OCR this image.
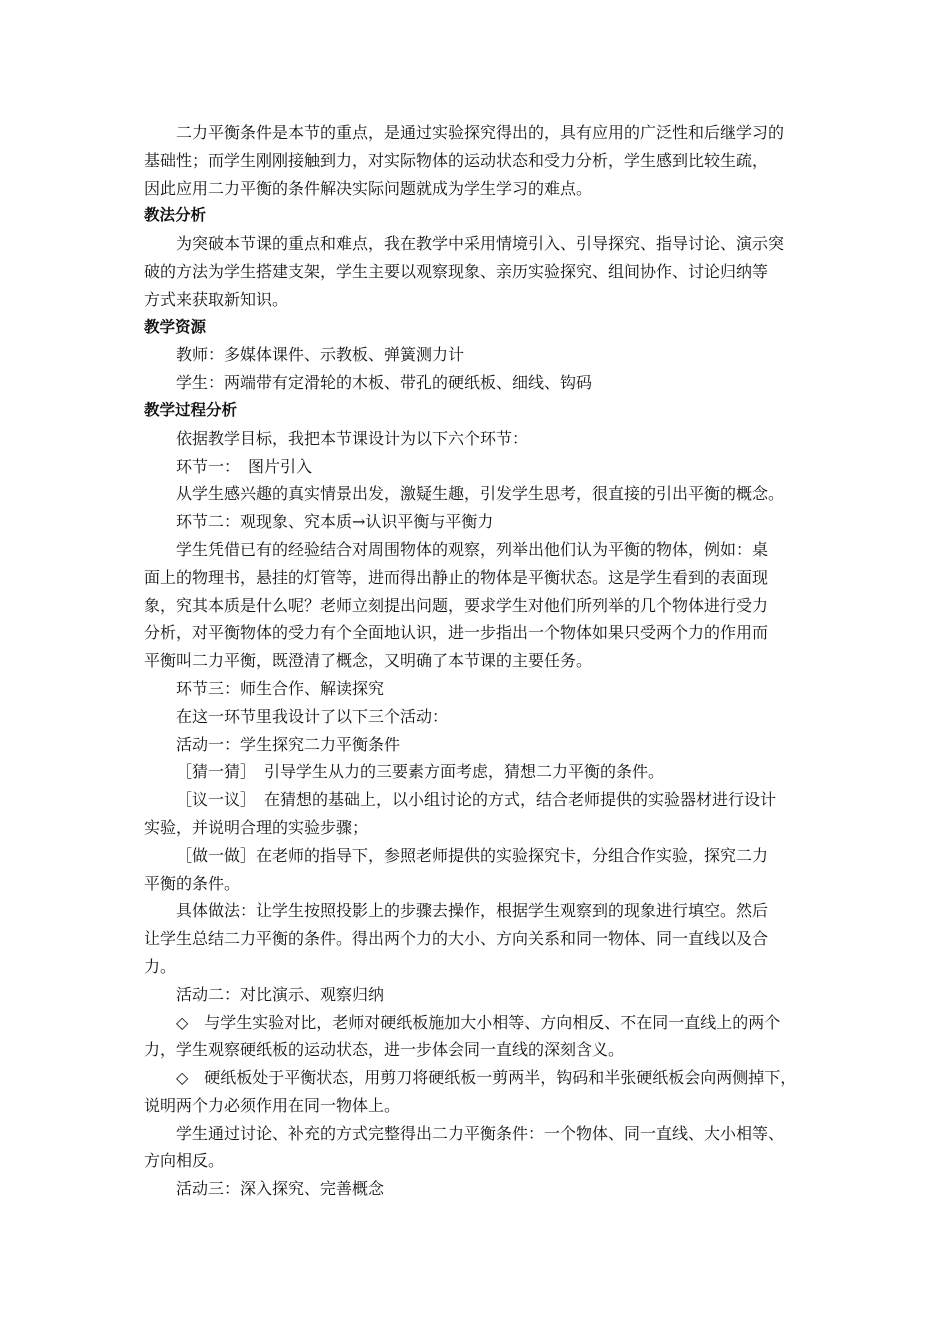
二力平衡条件是本节的重点，是通过实验探究得出的，具有应用的广泛性和后继学习的
基础性；而学生刚刚接触到力，对实际物体的运动状态和受力分析，学生感到比较生疏，
因此应用二力平衡的条件解决实际问题就成为学生学习的难点。
教法分析
为突破本节课的重点和难点，我在教学中采用情境引入、引导探究、指导讨论、演示突
破的方法为学生搭建支架，学生主要以观察现象、亲历实验探究、组间协作、讨论归纳等
方式来获取新知识。
教学资源
教师：多媒体课件、示教板、弹簧测力计
学生：两端带有定滑轮的木板、带孔的硬纸板、细线、钩码
教学过程分析
依据教学目标，我把本节课设计为以下六个环节：
环节一：　图片引入
从学生感兴趣的真实情景出发，激疑生趣，引发学生思考，很直接的引出平衡的概念。
环节二：观现象、究本质→认识平衡与平衡力
学生凭借已有的经验结合对周围物体的观察，列举出他们认为平衡的物体，例如：桌
面上的物理书，悬挂的灯管等，进而得出静止的物体是平衡状态。这是学生看到的表面现
象，究其本质是什么呢？老师立刻提出问题，要求学生对他们所列举的几个物体进行受力
分析，对平衡物体的受力有个全面地认识，进一步指出一个物体如果只受两个力的作用而
平衡叫二力平衡，既澄清了概念，又明确了本节课的主要任务。
环节三：师生合作、解读探究
在这一环节里我设计了以下三个活动：
活动一：学生探究二力平衡条件
［猜一猜］　引导学生从力的三要素方面考虑，猜想二力平衡的条件。
［议一议］　在猜想的基础上，以小组讨论的方式，结合老师提供的实验器材进行设计
实验，并说明合理的实验步骤；
［做一做］在老师的指导下，参照老师提供的实验探究卡，分组合作实验，探究二力
平衡的条件。
具体做法：让学生按照投影上的步骤去操作，根据学生观察到的现象进行填空。然后
让学生总结二力平衡的条件。得出两个力的大小、方向关系和同一物体、同一直线以及合
力。
活动二：对比演示、观察归纳
◇　与学生实验对比，老师对硬纸板施加大小相等、方向相反、不在同一直线上的两个
力，学生观察硬纸板的运动状态，进一步体会同一直线的深刻含义。
◇　硬纸板处于平衡状态，用剪刀将硬纸板一剪两半，钩码和半张硬纸板会向两侧掉下，
说明两个力必须作用在同一物体上。
学生通过讨论、补充的方式完整得出二力平衡条件：一个物体、同一直线、大小相等、
方向相反。
活动三：深入探究、完善概念
